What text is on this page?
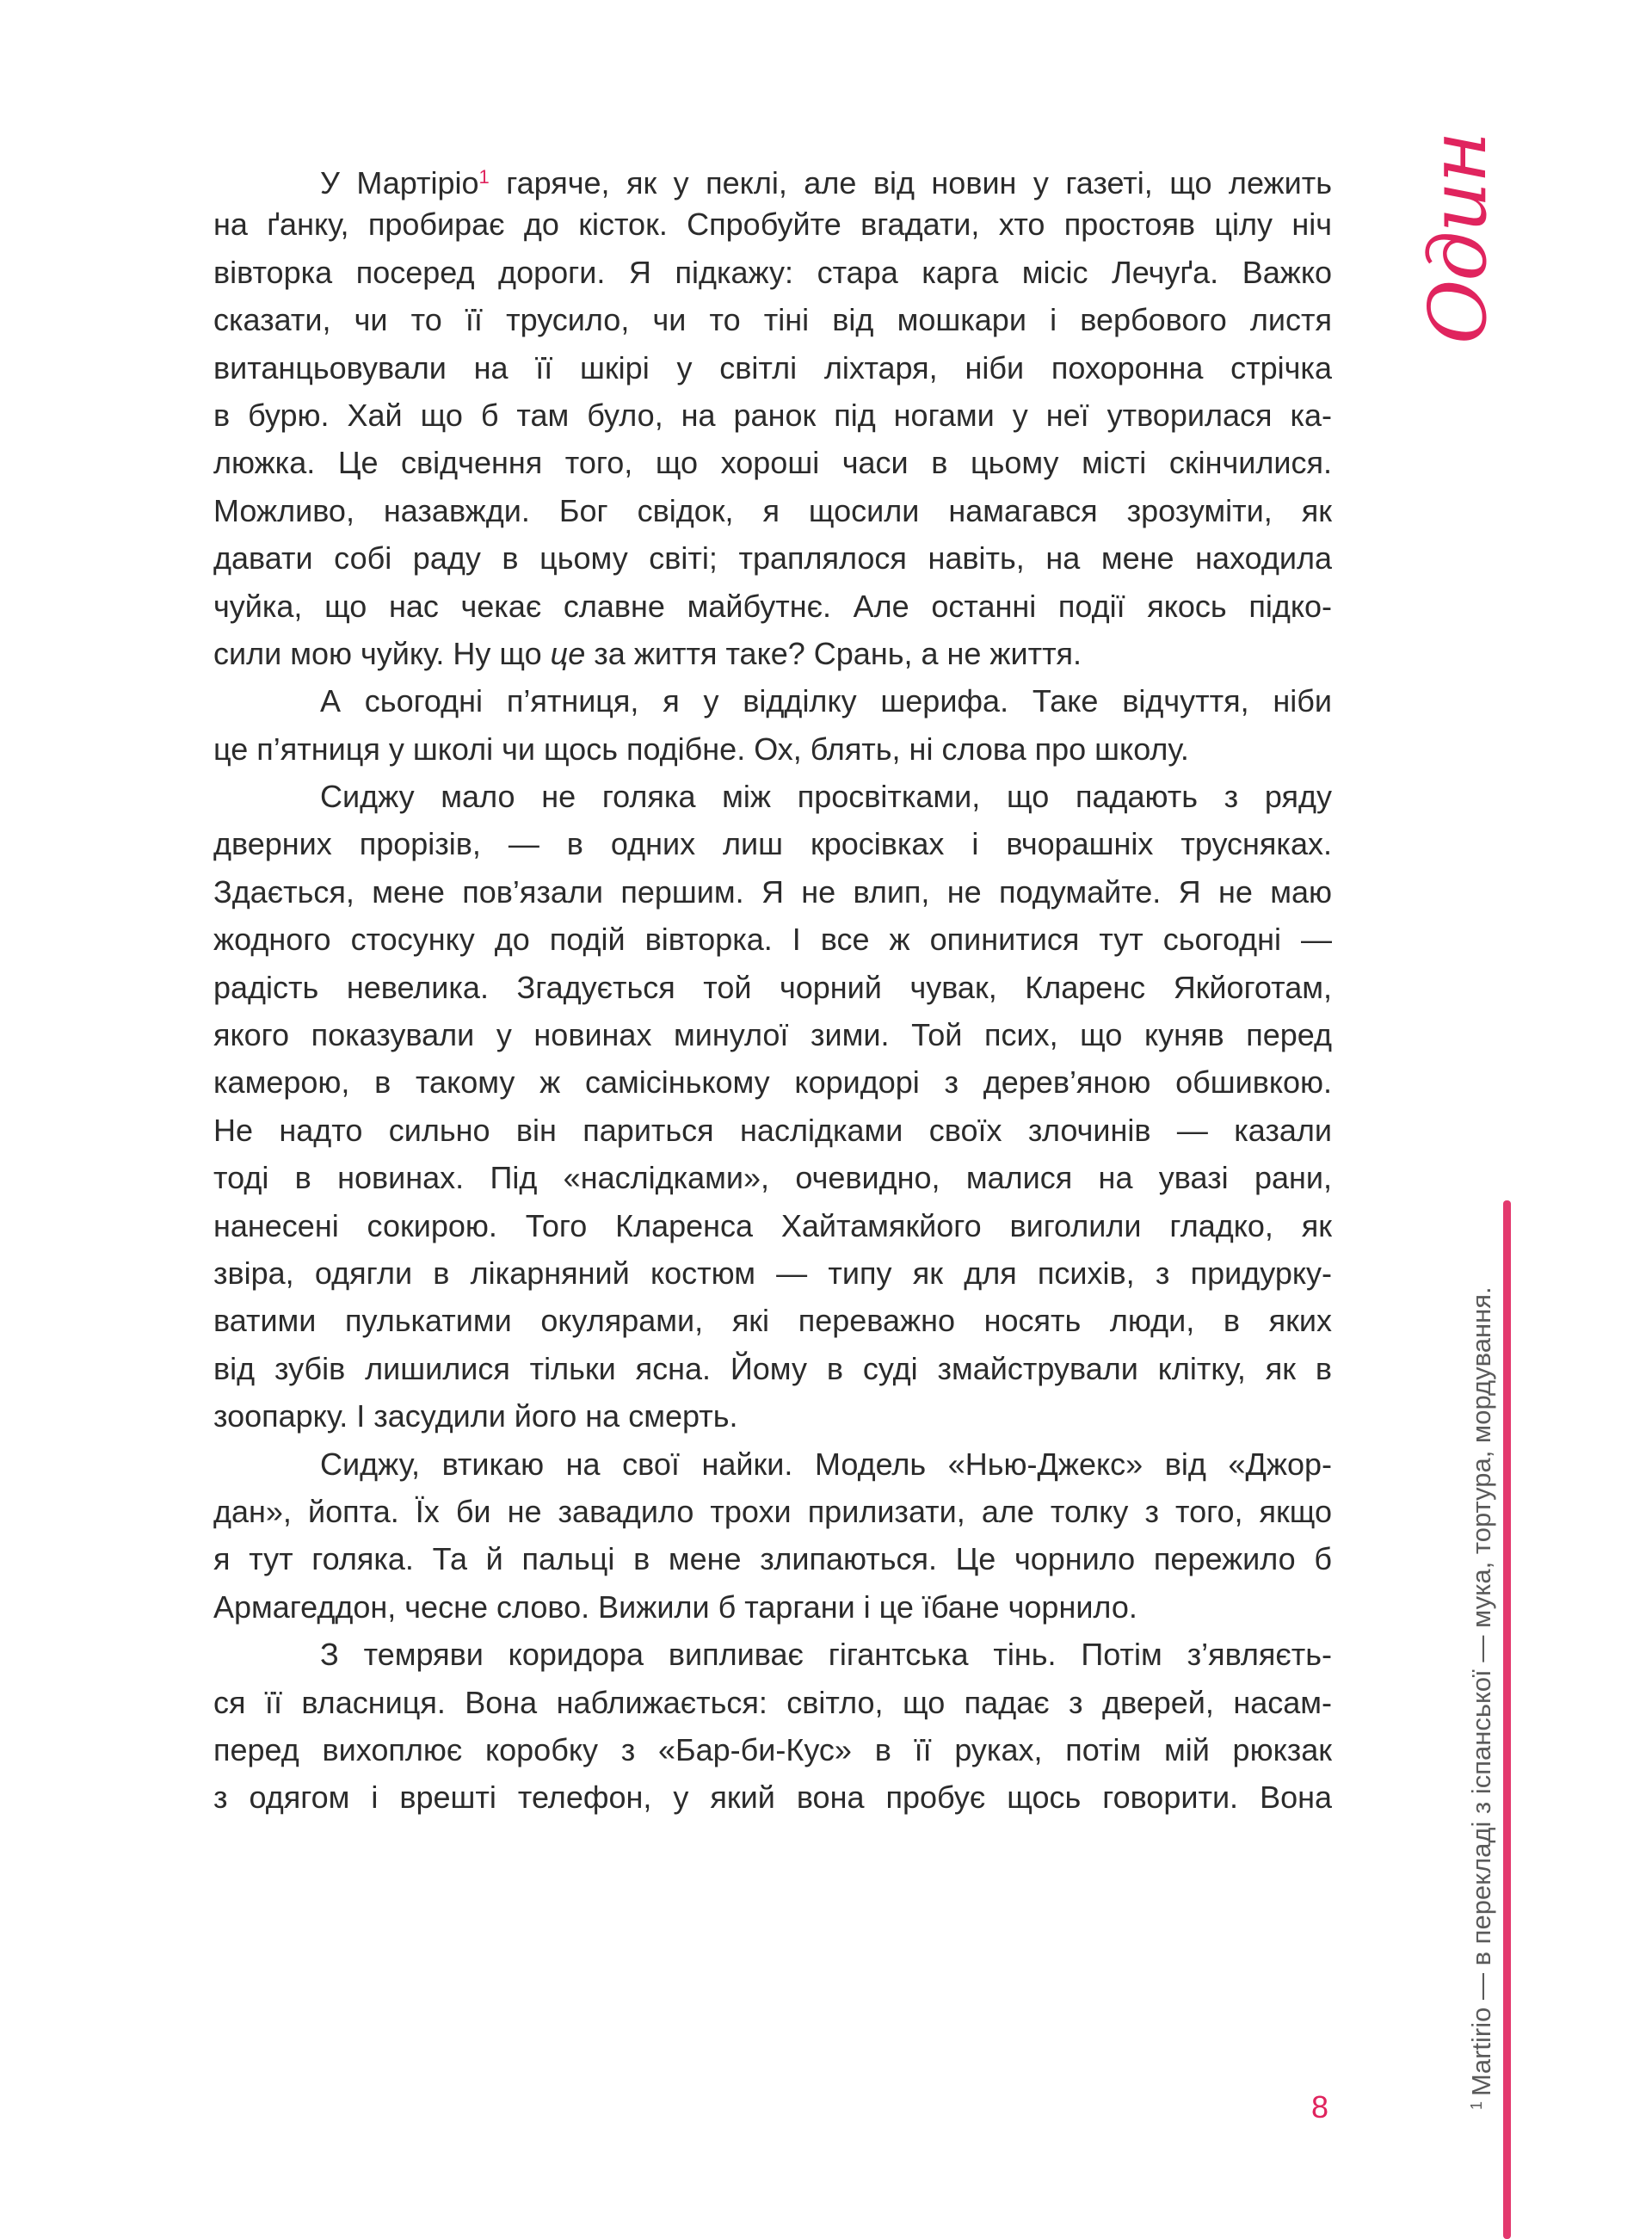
Один
У Мартіріо$^1$ гаряче, як у пеклі, але від новин у газеті, що лежить
на ґанку, пробирає до кісток. Спробуйте вгадати, хто простояв цілу ніч
вівторка посеред дороги. Я підкажу: стара карга місіс Лечуґа. Важко
сказати, чи то її трусило, чи то тіні від мошкари і вербового листя
витанцьовували на її шкірі у світлі ліхтаря, ніби похоронна стрічка
в бурю. Хай що б там було, на ранок під ногами у неї утворилася ка-
люжка. Це свідчення того, що хороші часи в цьому місті скінчилися.
Можливо, назавжди. Бог свідок, я щосили намагався зрозуміти, як
давати собі раду в цьому світі; траплялося навіть, на мене находила
чуйка, що нас чекає славне майбутнє. Але останні події якось підко-
сили мою чуйку. Ну що це за життя таке? Срань, а не життя.
А сьогодні п’ятниця, я у відділку шерифа. Таке відчуття, ніби
це п’ятниця у школі чи щось подібне. Ох, блять, ні слова про школу.
Сиджу мало не голяка між просвітками, що падають з ряду
дверних прорізів, — в одних лиш кросівках і вчорашніх трусняках.
Здається, мене пов’язали першим. Я не влип, не подумайте. Я не маю
жодного стосунку до подій вівторка. І все ж опинитися тут сьогодні —
радість невелика. Згадується той чорний чувак, Кларенс Якйоготам,
якого показували у новинах минулої зими. Той псих, що куняв перед
камерою, в такому ж самісінькому коридорі з дерев’яною обшивкою.
Не надто сильно він париться наслідками своїх злочинів — казали
тоді в новинах. Під «наслідками», очевидно, малися на увазі рани,
нанесені сокирою. Того Кларенса Хайтамякйого виголили гладко, як
звіра, одягли в лікарняний костюм — типу як для психів, з придурку-
ватими пулькатими окулярами, які переважно носять люди, в яких
від зубів лишилися тільки ясна. Йому в суді змайстрували клітку, як в
зоопарку. І засудили його на смерть.
Сиджу, втикаю на свої найки. Модель «Нью-Джекс» від «Джор-
дан», йопта. Їх би не завадило трохи прилизати, але толку з того, якщо
я тут голяка. Та й пальці в мене злипаються. Це чорнило пережило б
Армагеддон, чесне слово. Вижили б таргани і це їбане чорнило.
З темряви коридора випливає гігантська тінь. Потім з’являєть-
ся її власниця. Вона наближається: світло, що падає з дверей, насам-
перед вихоплює коробку з «Бар-би-Кус» в її руках, потім мій рюкзак
з одягом і врешті телефон, у який вона пробує щось говорити. Вона
8	$^1$Martirio — в перекладі з іспанської — мука, тортура, мордування.
